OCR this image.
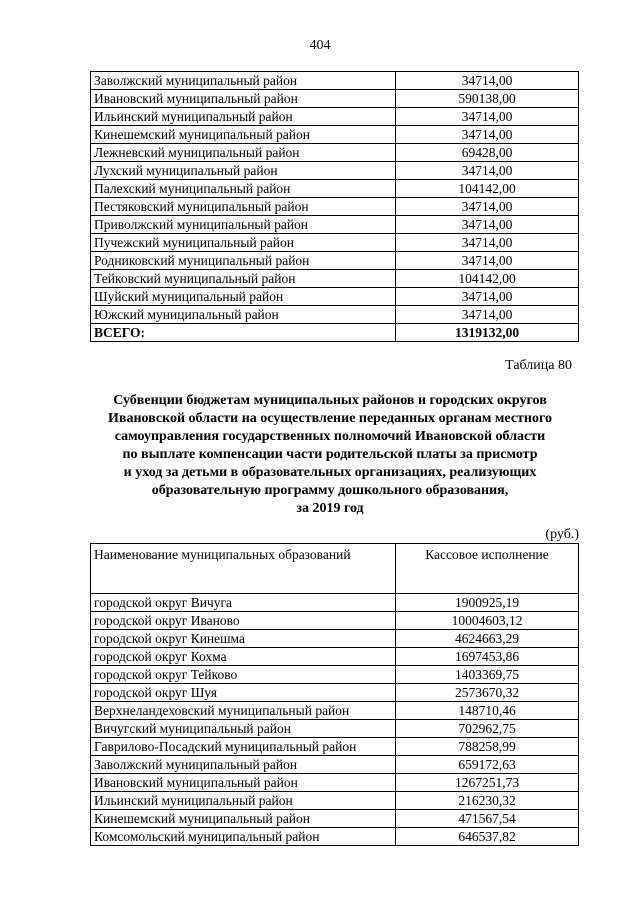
404
Заволжский муниципальный район	34714,00
Ивановский муниципальный район	590138,00
Ильинский муниципальный район	34714,00
Кинешемский муниципальный район	34714,00
Лежневский муниципальный район	69428,00
Лухский муниципальный район	34714,00
Палехский муниципальный район	104142,00
Пестяковский муниципальный район	34714,00
Приволжский муниципальный район	34714,00
Пучежский муниципальный район	34714,00
Родниковский муниципальный район	34714,00
Тейковский муниципальный район	104142,00
Шуйский муниципальный район	34714,00
Южский муниципальный район	34714,00
ВСЕГО:	1319132,00
Таблица 80
Субвенции бюджетам муниципальных районов и городских округов
Ивановской области на осуществление переданных органам местного
самоуправления государственных полномочий Ивановской области
по выплате компенсации части родительской платы за присмотр
и уход за детьми в образовательных организациях, реализующих
образовательную программу дошкольного образования,
за 2019 год
(руб.)
Наименование муниципальных образований	Кассовое исполнение
городской округ Вичуга	1900925,19
городской округ Иваново	10004603,12
городской округ Кинешма	4624663,29
городской округ Кохма	1697453,86
городской округ Тейково	1403369,75
городской округ Шуя	2573670,32
Верхнеландеховский муниципальный район	148710,46
Вичугский муниципальный район	702962,75
Гаврилово-Посадский муниципальный район	788258,99
Заволжский муниципальный район	659172,63
Ивановский муниципальный район	1267251,73
Ильинский муниципальный район	216230,32
Кинешемский муниципальный район	471567,54
Комсомольский муниципальный район	646537,82
